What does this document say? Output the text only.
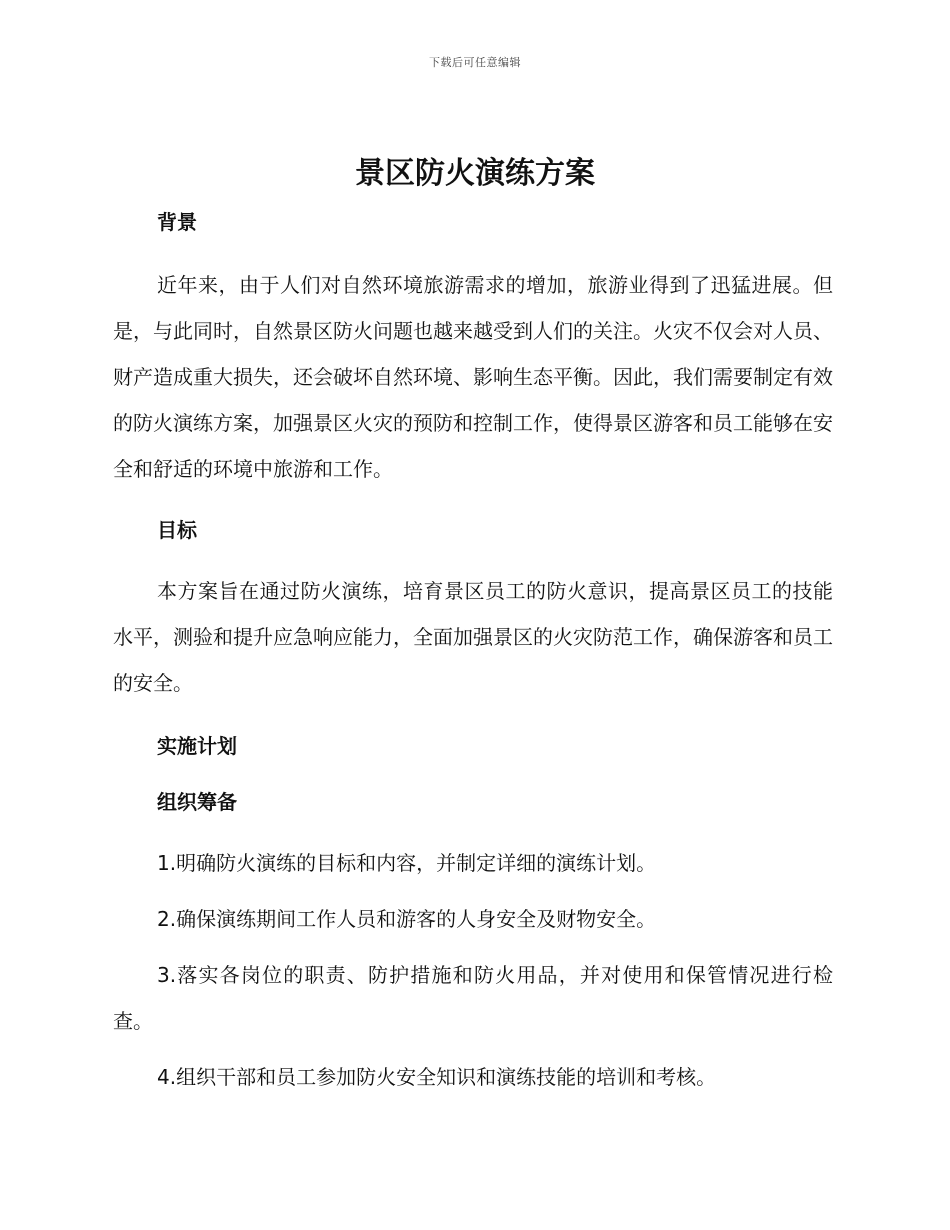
下载后可任意编辑
景区防火演练方案
背景

近年来，由于人们对自然环境旅游需求的增加，旅游业得到了迅猛进展。但是，与此同时，自然景区防火问题也越来越受到人们的关注。火灾不仅会对人员、财产造成重大损失，还会破坏自然环境、影响生态平衡。因此，我们需要制定有效的防火演练方案，加强景区火灾的预防和控制工作，使得景区游客和员工能够在安全和舒适的环境中旅游和工作。

目标

本方案旨在通过防火演练，培育景区员工的防火意识，提高景区员工的技能水平，测验和提升应急响应能力，全面加强景区的火灾防范工作，确保游客和员工的安全。

实施计划
组织筹备

1.明确防火演练的目标和内容，并制定详细的演练计划。

2.确保演练期间工作人员和游客的人身安全及财物安全。

3.落实各岗位的职责、防护措施和防火用品，并对使用和保管情况进行检查。

4.组织干部和员工参加防火安全知识和演练技能的培训和考核。
